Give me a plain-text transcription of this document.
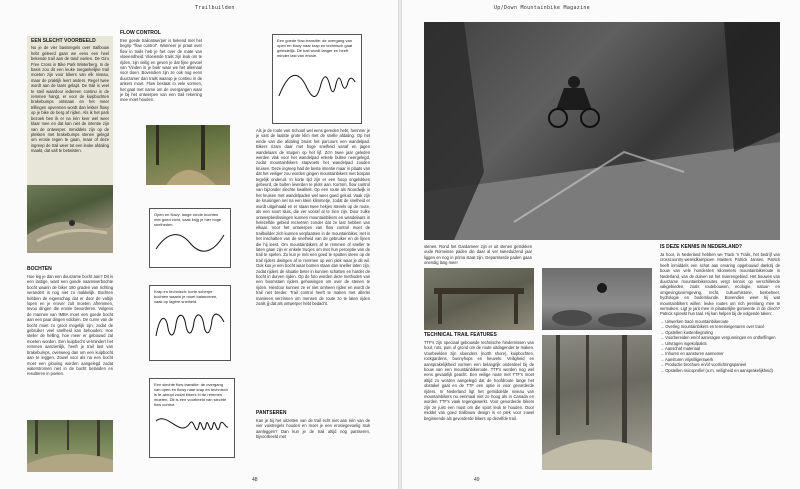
Trailbuilden
EEN SLECHT VOORBEELD
Nu je de vier basisregels over trailbouw hebt geleerd gaan we eens een heel bekende trail aan de tand voelen. De Giro Free Cross in Bike Park Winterberg. In de basis zou dit een leuke toegankelijke trail moeten zijn voor bikers van elk niveau, maar de praktijk leert anders. Regel twee wordt aan de laars gelapt. De trail is veel te steil waardoor iedereen continu in de remmen hangt, er voor de kuipbochten brakebumps ontstaan en het meer trillingen opvermen wordt dan lekker flowy op je bike de berg af rijden. Als ik het park bezoek ben ik er na één keer wel weer klaar mee en dat kan niet de intentie zijn van de ontwerper. Inmiddels zijn op de plekken met brakebumps stenen gelegd om erosie tegen te gaan, maar of deze ingreep de trail weer tot een leuke afdaling maakt, dat valt te betwisten.
BOCHTEN

Hoe leg je dan een duurzame bocht aan? Dit is een lastige, want een goede naamsverbochte bocht waarin de biker 180 graden van richting verandert is nog niet zo makkelijk. Bochten hebben de eigenschap dat er door de valtijn lopen en je erover zult moeten afremmen, tevoo dingen die erosie bevorderen. Volgens de mannen van IMBA moet een goede bocht aan een paar dingen voldoen. De curve van de bocht moet zo groot mogelijk zijn, zodat de gebruiker veel snelheid kan behouden. Hoe steiler de helling, hoe meer er gebouwd zal moeten worden. Een kuipbocht vermindert het remmen aanzienlijk, heeft je trail last van brakebumps, overweeg dan om een kuipbocht aan te leggen. Zowel voor als na een bocht moet een glooiing worden aangelegd zodat waterstromen niet in de bocht belanden en resulteren in poelen.

FLOW CONTROL

Een goede trailontwerper is bekend met het begrip “flow control”. Wanneer je praat over flow in trails heb je het over de mate van vloeiendheid. Vloeiende trails zijn leuk om te rijden, zijn veilig en geven je dat fijne gevoel van 'Vinden in je buik' waar we het allemaal voor doen. Bovendien zijn ze ook nog eens duurzamer dan trails waarop je continu in de ankers moet. Flow bestaat in vele vormen, het gaat met name om de overgangen waar je bij het ontwerpen van een trail rekening mee moet houden.

Open en flowy: lange ronde bochten met goed zicht, vaak krijg je hier hoge snelheden.
Krap en technisch: korte scherpe bochten waarin je moet balanceren, vaak op lagere snelheid.
Een slechte flow-transitie: de overgang van open en flowy naar krap en technisch is te abrupt zodat bikers in de remmen moeten. Dit is een voorbeeld van slechte flow control.
Een goede flow-transitie: de overgang van open en flowy naar krap en technisch gaat geleidelijk. De trail wordt langer en heeft minder last van erosie.

Als je de route van Schoorl wel eens gereden hebt, herinner je je vast de laatste grote klim met de snelle afdaling. Op het einde van die afdaling bruist het parcours een wandelpad. Bikers rizam daar met hoge snelheid vanaf en jagen wandelaars de stuipen op het lijf. Zo'n twee jaar geleden werden vlak voor het wandelpad enkele bulten neergelegd, zodat mountainbikers stapvoets het wandelpad zouden kruisen. Deze ingreep had de beste intentie maar in plaats van dat het veiliger zou worden gingen mountainbikers met bospas tegelijk onderuit. In korte tijd zijn er een hoop ongelukken gebeurd, de bulten leverden te plots aan. Kortom, flow control van bijzonder slechte kwaliteit. Op een route als Noordwijk is het kruisen met wandelpaden wel weer goed geluid. Vaak zijn de kruisingen net na een klein klimmetje, zodat de snelheid er wordt uitgehaald en er staan twee hekjes stevels op de route, als een soort sluis, die ver vooraf al te zien zijn. Door zulke ontwerpbeslissingen kunnen mountainbikers en wandelaars in helezelfde gebied recreëren zonder dat ze last hebben van elkaar. Voor het ontwerpen van flow control moet de trailbuilder zich kunnen verplaatsen in de mountainbiker. Het is het inschatten van de snelheid van de gebruiker en de lijnen die hij leest. Om mountainbikers af te remmen of sneller te laten gaan zijn er enkele trucjes om met hun perceptie van de trail te spelen. Zo kun je met een goed te spotten steen op de trail rijders dwingen af te remmen op een plek waar je dit wil. Ook kun je een bocht waar bomen staan dan sneller laten zijn, zodat rijders de situatie beter in kunnen schatten en harder de bocht in durven rijden. Op de foto worden deze methoden van een boomstam rijders gehowingen om over de stenen te rijden. Hierdoor kunnen ze er niet omheen rijden en wordt de trail niet breder. Trail control heeft te maken met allerlei manieren verzinnen om mensen de route zo te laten rijden zoals jij dat als ontwerper hebt bedacht.

PANTSEREN

Kan je bij het uitzetten van de trail echt niet aan één van de vier vuistregels houden en moet je een erosiegevoelig stuk aanleggen? Dan kun je de trail altijd nog pantseren, bijvoorbeeld met

48
Up/Down Mountainbike Magazine

stenen. Rond het Gardameer zijn er uit stenen getrokken oude Romeinse paden die daar al ver tweeduizend jaar liggen en nog in prima staat zijn. Gepantserde paden gaan onendig lang mee!

TECHNICAL TRAIL FEATURES

TTF's zijn speciaal gebouwde technische hindernissen van hout, rots, puin of grond om de route uitdagender te maken. Voorbeelden zijn sloenders (north shore), kuipbochten, rockgardens, bunnyhops en heuvels. Veiligheid en aansprakelijkheid vormen een belangrijk onderdeel bij de bouw van een mountainbikeroute. TTF's worden nog wel eens gevaarlijk geacht. Een veilige route met TTF's moet altijd zo worden aangelegd dat de hoofdroute lange het obstakel gaat en de TTF een optie is voor gevorderde rijders. In Nederland ligt het gemiddelde niveau van mountainbikers nu eenmaal niet zo hoog als in Canada en worden TTF's vaak tegengewerkt. Voor gevorderde bikers zijn ze juist een must om die sport leuk te houden. Door middel van goed trailbouw design is er plek voor zowel beginnende als gevorderde bikers op dezelfde trail.

IS DEZE KENNIS IN NEDERLAND?

Ja hoor, in Nederland hebben we Track 'n Trails, het bedrijf van crosscountry-wereldkampioen Masters Patrick Jansen. Patrick heeft inmiddels een schat aan ervaring opgebouwd dankzij de bouw van vele honderden kilometers mountainbikeroute in Nederland, van de duinen tot het rivierengebied. Het bouwen van duurzame mountainbikeroutes vergt kennis op verschillende vakgebieden, zoals routebouwen, ecologie, natuur- en omgevingsvormgeving, recht, cultuurhistorie, bosbeheer, hydrologie en bodemkunde. Bovendien weet hij wat mountainbikers willen: leuke routes om rich jerenlang mee te vermaken. Ligt je jarit mee in plaatselijke gemeente in de clinch? Patrick spreekt hun taal. Hij kan helpen bij de volgende taken:

→ Uitwerken tracé mountainbikeroute
→ Overleg mountainbikers en terreineigenaren over tracé
→ Opstellen kostenbegroting
→ Voorbereiden en/of aanvragen vergunningen en ontheffingen
→ Uitvragen ingekolpakts
→ Aanschaf materiaal
→ Inhuren en aansturen aannemer
→ Aansturen vrijwilligerswerk
→ Productie brochure en/of voorlichtingspaneel
→ Opstellen risicoprofiel (o.m. veiligheid en aansprakelijkheid)
49
